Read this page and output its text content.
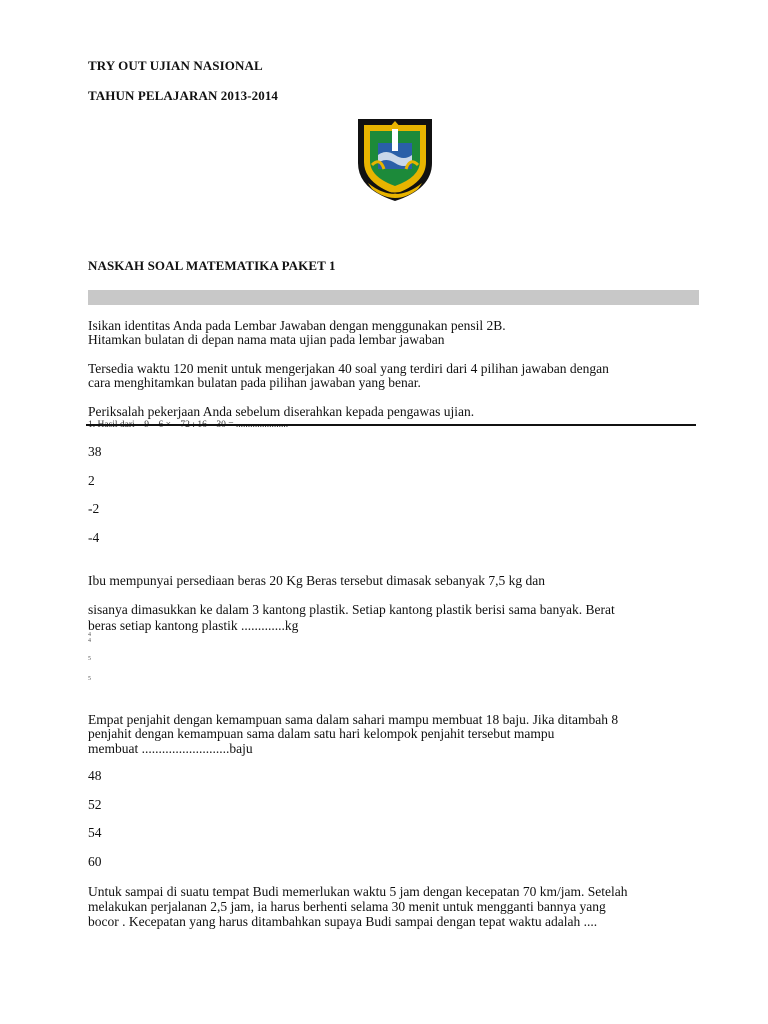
TRY OUT UJIAN NASIONAL
TAHUN PELAJARAN 2013-2014
NASKAH SOAL MATEMATIKA PAKET 1
Isikan identitas Anda pada Lembar Jawaban dengan menggunakan pensil 2B.
Hitamkan bulatan di depan nama mata ujian pada lembar jawaban
Tersedia waktu 120 menit untuk mengerjakan 40 soal yang terdiri dari 4 pilihan jawaban dengan
cara menghitamkan bulatan pada pilihan jawaban yang benar.
Periksalah pekerjaan Anda sebelum diserahkan kepada pengawas ujian.
38
2
-2
-4
Ibu mempunyai persediaan beras 20 Kg Beras tersebut dimasak sebanyak 7,5 kg dan
sisanya dimasukkan ke dalam 3 kantong plastik. Setiap kantong plastik berisi sama banyak. Berat
beras setiap kantong plastik .............kg
4
4
5
5
Empat penjahit dengan kemampuan sama dalam sahari mampu membuat 18 baju. Jika ditambah 8
penjahit dengan kemampuan sama dalam satu hari kelompok penjahit tersebut mampu
membuat ..........................baju
48
52
54
60
Untuk sampai di suatu tempat Budi memerlukan waktu 5 jam dengan kecepatan 70 km/jam. Setelah
melakukan perjalanan 2,5 jam, ia harus berhenti selama 30 menit untuk mengganti bannya yang
bocor . Kecepatan yang harus ditambahkan supaya Budi sampai dengan tepat waktu adalah ....
